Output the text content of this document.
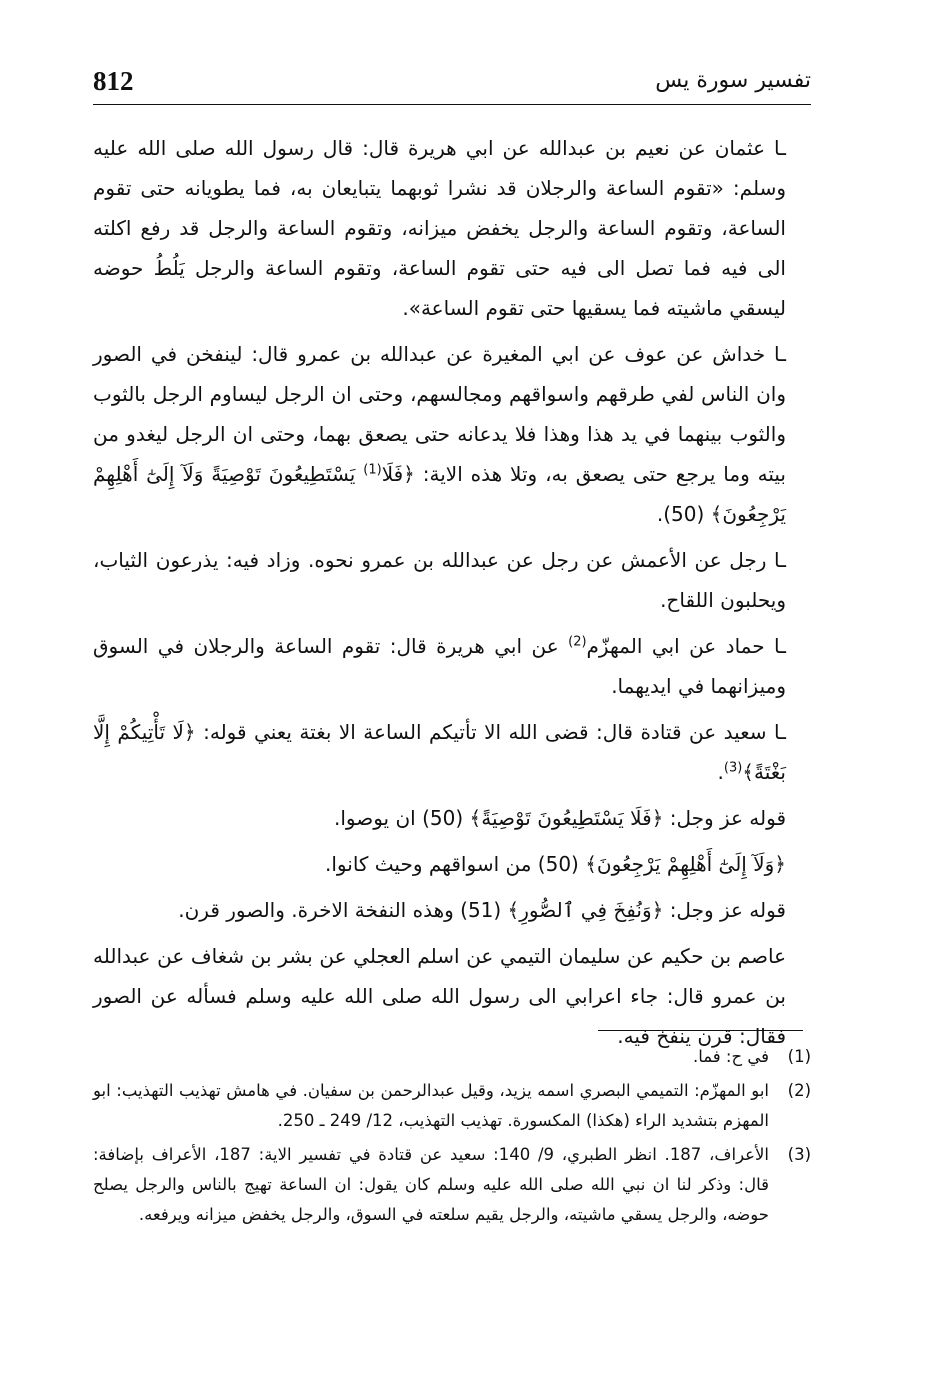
812	تفسير سورة يس

ـا عثمان عن نعيم بن عبدالله عن ابي هريرة قال: قال رسول الله صلى الله عليه وسلم: «تقوم الساعة والرجلان قد نشرا ثوبهما يتبايعان به، فما يطويانه حتى تقوم الساعة، وتقوم الساعة والرجل يخفض ميزانه، وتقوم الساعة والرجل قد رفع اكلته الى فيه فما تصل الى فيه حتى تقوم الساعة، وتقوم الساعة والرجل يَلُطُ حوضه ليسقي ماشيته فما يسقيها حتى تقوم الساعة».

ـا خداش عن عوف عن ابي المغيرة عن عبدالله بن عمرو قال: لينفخن في الصور وان الناس لفي طرقهم واسواقهم ومجالسهم، وحتى ان الرجل ليساوم الرجل بالثوب والثوب بينهما في يد هذا وهذا فلا يدعانه حتى يصعق بهما، وحتى ان الرجل ليغدو من بيته وما يرجع حتى يصعق به، وتلا هذه الاية: ﴿فَلَا$^{(1)}$ يَسْتَطِيعُونَ تَوْصِيَةً وَلَآ إِلَىٰٓ أَهْلِهِمْ يَرْجِعُونَ﴾ (50).

ـا رجل عن الأعمش عن رجل عن عبدالله بن عمرو نحوه. وزاد فيه: يذرعون الثياب، ويحلبون اللقاح.

ـا حماد عن ابي المهزّم$^{(2)}$ عن ابي هريرة قال: تقوم الساعة والرجلان في السوق وميزانهما في ايديهما.

ـا سعيد عن قتادة قال: قضى الله الا تأتيكم الساعة الا بغتة يعني قوله: ﴿لَا تَأْتِيكُمْ إِلَّا بَغْتَةً﴾$^{(3)}$.

قوله عز وجل: ﴿فَلَا يَسْتَطِيعُونَ تَوْصِيَةً﴾ (50) ان يوصوا.

﴿وَلَآ إِلَىٰٓ أَهْلِهِمْ يَرْجِعُونَ﴾ (50) من اسواقهم وحيث كانوا.

قوله عز وجل: ﴿وَنُفِخَ فِي ٱلصُّورِ﴾ (51) وهذه النفخة الاخرة. والصور قرن.

عاصم بن حكيم عن سليمان التيمي عن اسلم العجلي عن بشر بن شغاف عن عبدالله بن عمرو قال: جاء اعرابي الى رسول الله صلى الله عليه وسلم فسأله عن الصور فقال: قرن ينفخ فيه.

(1)
في ح: فما.
(2)
ابو المهزّم: التميمي البصري اسمه يزيد، وقيل عبدالرحمن بن سفيان. في هامش تهذيب التهذيب: ابو المهزم بتشديد الراء (هكذا) المكسورة. تهذيب التهذيب، 12/ 249 ـ 250.
(3)
الأعراف، 187. انظر الطبري، 9/ 140: سعيد عن قتادة في تفسير الاية: 187، الأعراف بإضافة: قال: وذكر لنا ان نبي الله صلى الله عليه وسلم كان يقول: ان الساعة تهيج بالناس والرجل يصلح حوضه، والرجل يسقي ماشيته، والرجل يقيم سلعته في السوق، والرجل يخفض ميزانه ويرفعه.
